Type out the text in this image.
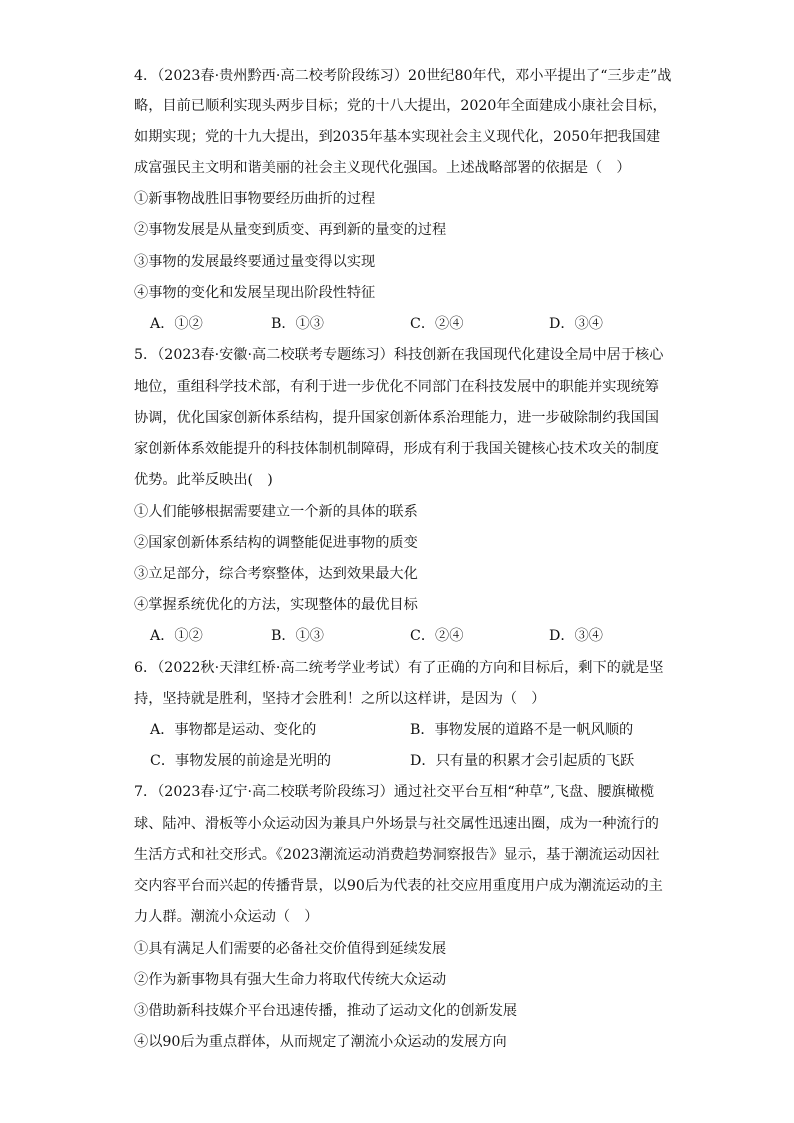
4．（2023春·贵州黔西·高二校考阶段练习）20世纪80年代，邓小平提出了“三步走”战
略，目前已顺利实现头两步目标；党的十八大提出，2020年全面建成小康社会目标，
如期实现；党的十九大提出，到2035年基本实现社会主义现代化，2050年把我国建
成富强民主文明和谐美丽的社会主义现代化强国。上述战略部署的依据是（　）
①新事物战胜旧事物要经历曲折的过程
②事物发展是从量变到质变、再到新的量变的过程
③事物的发展最终要通过量变得以实现
④事物的变化和发展呈现出阶段性特征
A．①②	B．①③	C．②④	D．③④
5．（2023春·安徽·高二校联考专题练习）科技创新在我国现代化建设全局中居于核心
地位，重组科学技术部，有利于进一步优化不同部门在科技发展中的职能并实现统筹
协调，优化国家创新体系结构，提升国家创新体系治理能力，进一步破除制约我国国
家创新体系效能提升的科技体制机制障碍，形成有利于我国关键核心技术攻关的制度
优势。此举反映出(　)
①人们能够根据需要建立一个新的具体的联系
②国家创新体系结构的调整能促进事物的质变
③立足部分，综合考察整体，达到效果最大化
④掌握系统优化的方法，实现整体的最优目标
A．①②	B．①③	C．②④	D．③④
6．（2022秋·天津红桥·高二统考学业考试）有了正确的方向和目标后，剩下的就是坚
持，坚持就是胜利，坚持才会胜利！之所以这样讲，是因为（　）
A．事物都是运动、变化的	B．事物发展的道路不是一帆风顺的
C．事物发展的前途是光明的	D．只有量的积累才会引起质的飞跃
7．（2023春·辽宁·高二校联考阶段练习）通过社交平台互相“种草”,飞盘、腰旗橄榄
球、陆冲、滑板等小众运动因为兼具户外场景与社交属性迅速出圈，成为一种流行的
生活方式和社交形式。《2023潮流运动消费趋势洞察报告》显示，基于潮流运动因社
交内容平台而兴起的传播背景，以90后为代表的社交应用重度用户成为潮流运动的主
力人群。潮流小众运动（　）
①具有满足人们需要的必备社交价值得到延续发展
②作为新事物具有强大生命力将取代传统大众运动
③借助新科技媒介平台迅速传播，推动了运动文化的创新发展
④以90后为重点群体，从而规定了潮流小众运动的发展方向
